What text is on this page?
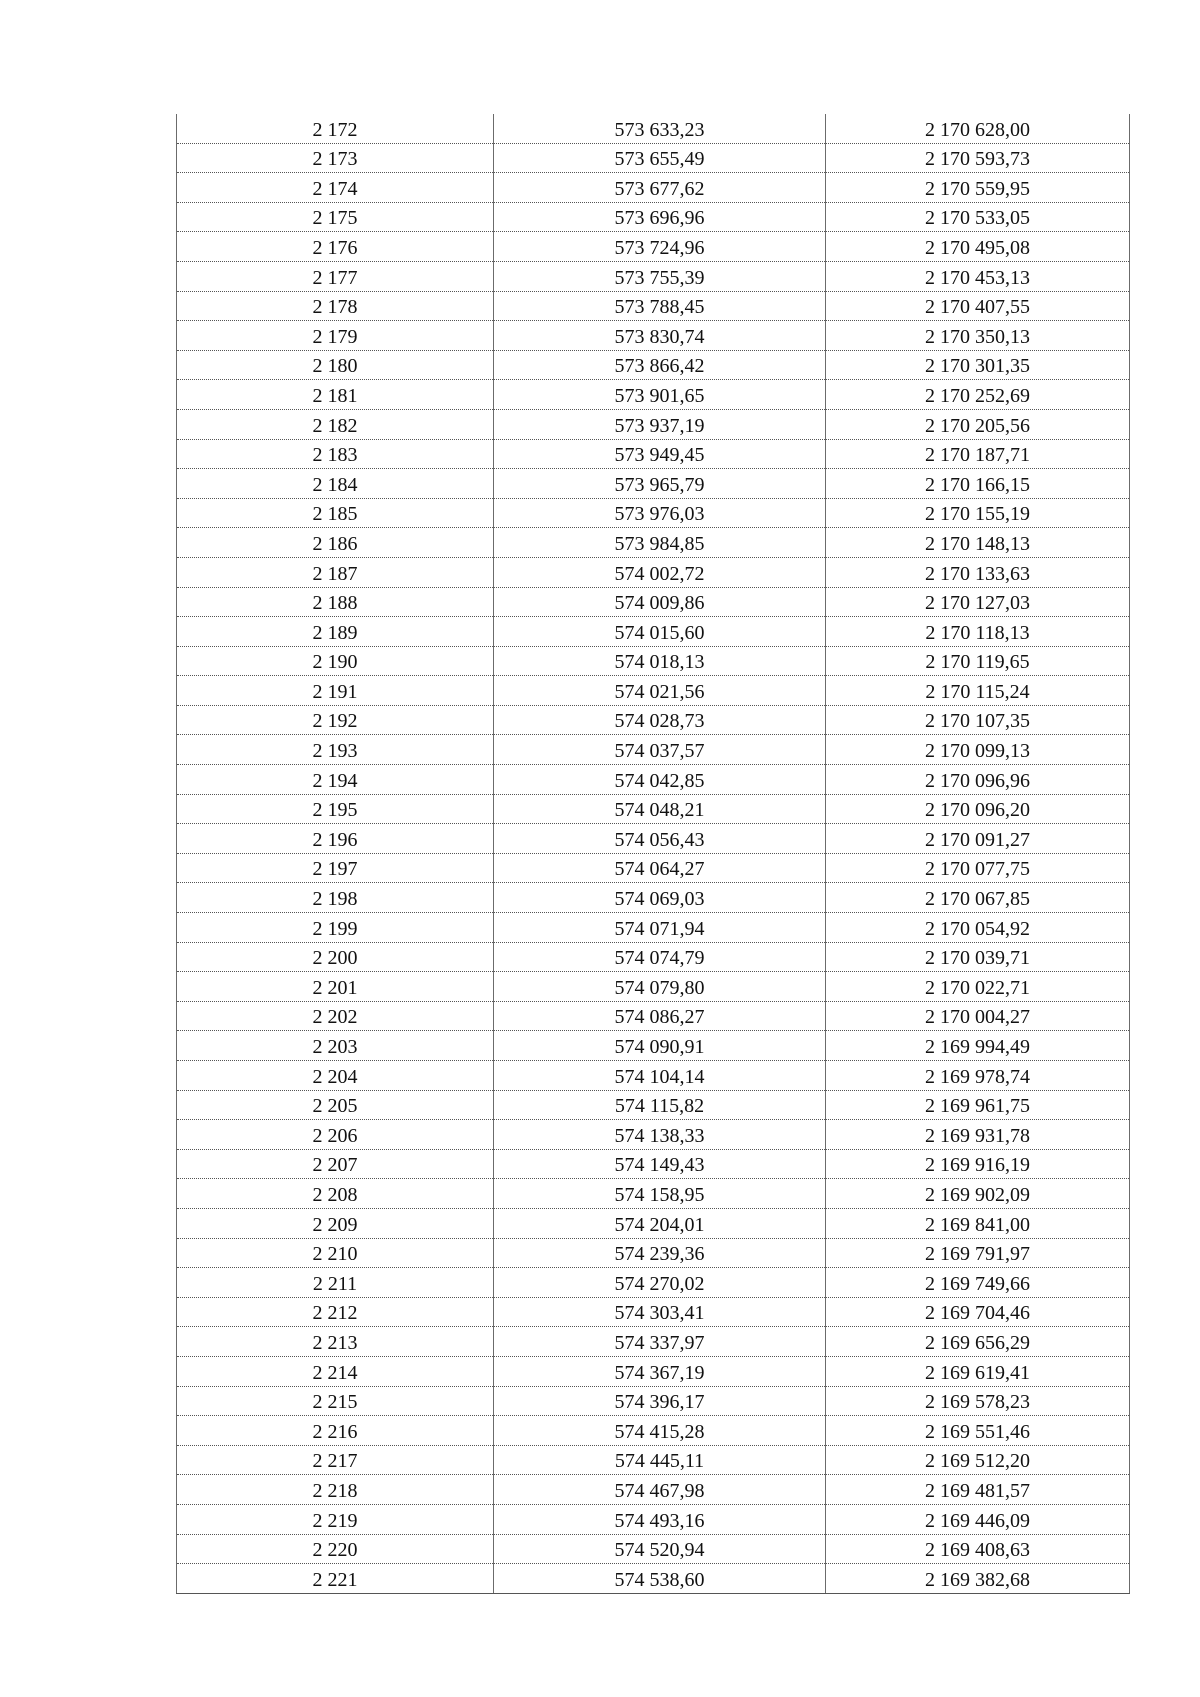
2 172	573 633,23	2 170 628,00
2 173	573 655,49	2 170 593,73
2 174	573 677,62	2 170 559,95
2 175	573 696,96	2 170 533,05
2 176	573 724,96	2 170 495,08
2 177	573 755,39	2 170 453,13
2 178	573 788,45	2 170 407,55
2 179	573 830,74	2 170 350,13
2 180	573 866,42	2 170 301,35
2 181	573 901,65	2 170 252,69
2 182	573 937,19	2 170 205,56
2 183	573 949,45	2 170 187,71
2 184	573 965,79	2 170 166,15
2 185	573 976,03	2 170 155,19
2 186	573 984,85	2 170 148,13
2 187	574 002,72	2 170 133,63
2 188	574 009,86	2 170 127,03
2 189	574 015,60	2 170 118,13
2 190	574 018,13	2 170 119,65
2 191	574 021,56	2 170 115,24
2 192	574 028,73	2 170 107,35
2 193	574 037,57	2 170 099,13
2 194	574 042,85	2 170 096,96
2 195	574 048,21	2 170 096,20
2 196	574 056,43	2 170 091,27
2 197	574 064,27	2 170 077,75
2 198	574 069,03	2 170 067,85
2 199	574 071,94	2 170 054,92
2 200	574 074,79	2 170 039,71
2 201	574 079,80	2 170 022,71
2 202	574 086,27	2 170 004,27
2 203	574 090,91	2 169 994,49
2 204	574 104,14	2 169 978,74
2 205	574 115,82	2 169 961,75
2 206	574 138,33	2 169 931,78
2 207	574 149,43	2 169 916,19
2 208	574 158,95	2 169 902,09
2 209	574 204,01	2 169 841,00
2 210	574 239,36	2 169 791,97
2 211	574 270,02	2 169 749,66
2 212	574 303,41	2 169 704,46
2 213	574 337,97	2 169 656,29
2 214	574 367,19	2 169 619,41
2 215	574 396,17	2 169 578,23
2 216	574 415,28	2 169 551,46
2 217	574 445,11	2 169 512,20
2 218	574 467,98	2 169 481,57
2 219	574 493,16	2 169 446,09
2 220	574 520,94	2 169 408,63
2 221	574 538,60	2 169 382,68
